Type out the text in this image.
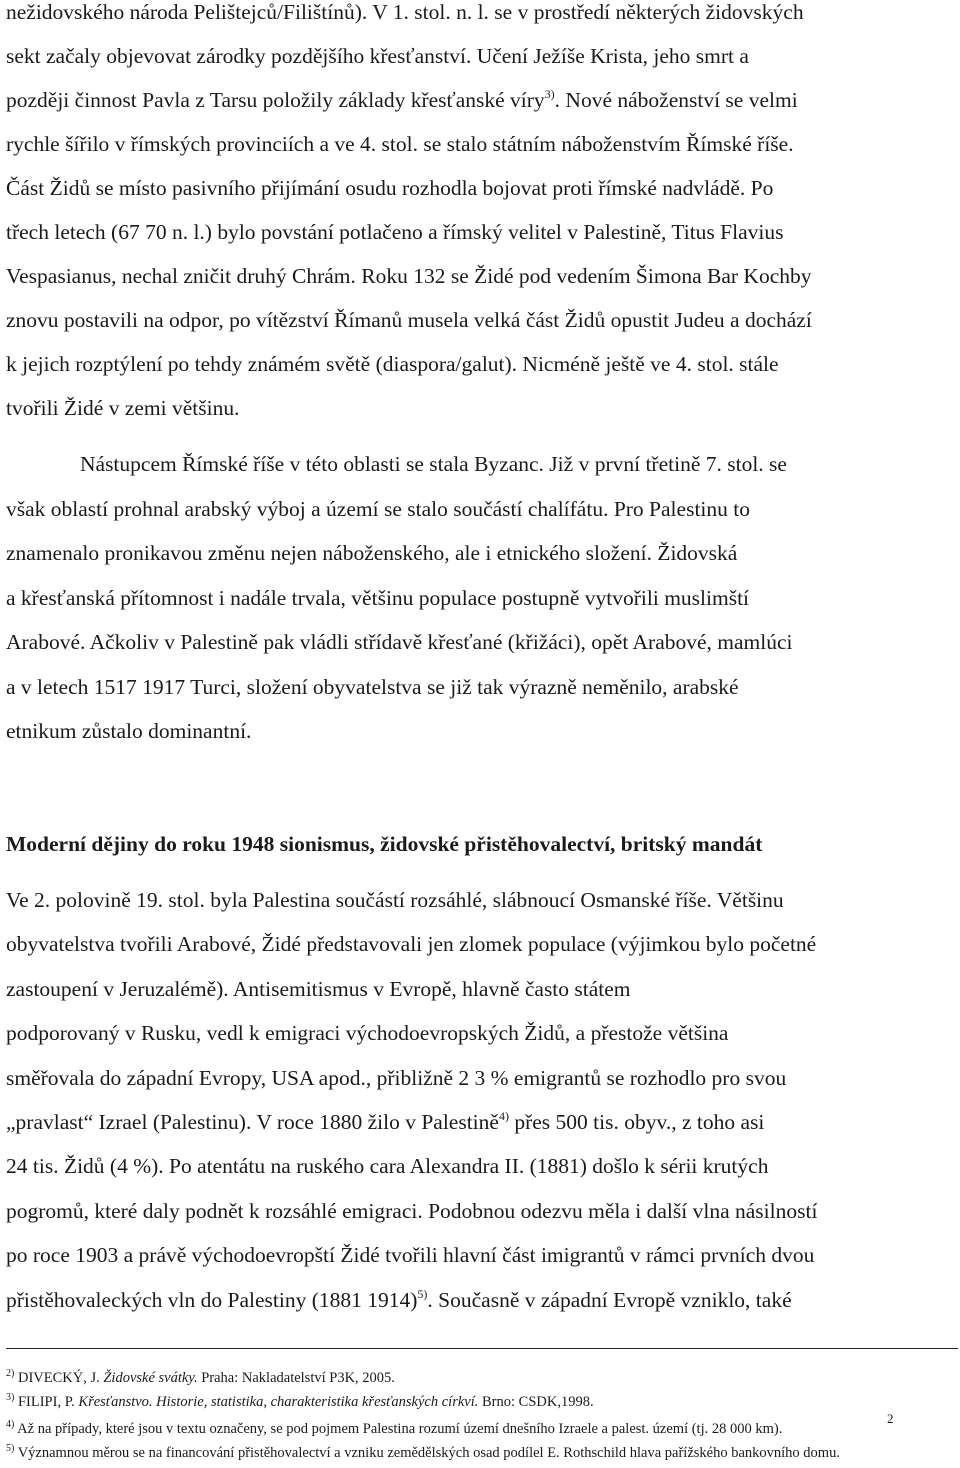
nežidovského národa Pelištejců/Filištínů). V 1. stol. n. l. se v prostředí některých židovských
sekt začaly objevovat zárodky pozdějšího křesťanství. Učení Ježíše Krista, jeho smrt a
později činnost Pavla z Tarsu položily základy křesťanské víry$^{3)}$. Nové náboženství se velmi
rychle šířilo v římských provinciích a ve 4. stol. se stalo státním náboženstvím Římské říše.
Část Židů se místo pasivního přijímání osudu rozhodla bojovat proti římské nadvládě. Po
třech letech (67 70 n. l.) bylo povstání potlačeno a římský velitel v Palestině, Titus Flavius
Vespasianus, nechal zničit druhý Chrám. Roku 132 se Židé pod vedením Šimona Bar Kochby
znovu postavili na odpor, po vítězství Římanů musela velká část Židů opustit Judeu a dochází
k jejich rozptýlení po tehdy známém světě (diaspora/galut). Nicméně ještě ve 4. stol. stále
tvořili Židé v zemi většinu.
Nástupcem Římské říše v této oblasti se stala Byzanc. Již v první třetině 7. stol. se
však oblastí prohnal arabský výboj a území se stalo součástí chalífátu. Pro Palestinu to
znamenalo pronikavou změnu nejen náboženského, ale i etnického složení. Židovská
a křesťanská přítomnost i nadále trvala, většinu populace postupně vytvořili muslimští
Arabové. Ačkoliv v Palestině pak vládli střídavě křesťané (křižáci), opět Arabové, mamlúci
a v letech 1517 1917 Turci, složení obyvatelstva se již tak výrazně neměnilo, arabské
etnikum zůstalo dominantní.
Moderní dějiny do roku 1948 sionismus, židovské přistěhovalectví, britský mandát
Ve 2. polovině 19. stol. byla Palestina součástí rozsáhlé, slábnoucí Osmanské říše. Většinu
obyvatelstva tvořili Arabové, Židé představovali jen zlomek populace (výjimkou bylo početné
zastoupení v Jeruzalémě). Antisemitismus v Evropě, hlavně často státem
podporovaný v Rusku, vedl k emigraci východoevropských Židů, a přestože většina
směřovala do západní Evropy, USA apod., přibližně 2 3 % emigrantů se rozhodlo pro svou
„pravlast“ Izrael (Palestinu). V roce 1880 žilo v Palestině$^{4)}$ přes 500 tis. obyv., z toho asi
24 tis. Židů (4 %). Po atentátu na ruského cara Alexandra II. (1881) došlo k sérii krutých
pogromů, které daly podnět k rozsáhlé emigraci. Podobnou odezvu měla i další vlna násilností
po roce 1903 a právě východoevropští Židé tvořili hlavní část imigrantů v rámci prvních dvou
přistěhovaleckých vln do Palestiny (1881 1914)$^{5)}$. Současně v západní Evropě vzniklo, také
$^{2)}$ DIVECKÝ, J. Židovské svátky. Praha: Nakladatelství P3K, 2005.
$^{3)}$ FILIPI, P. Křesťanstvo. Historie, statistika, charakteristika křesťanských církví. Brno: CSDK,1998.
2
$^{4)}$ Až na případy, které jsou v textu označeny, se pod pojmem Palestina rozumí území dnešního Izraele a palest. území (tj. 28 000 km).
$^{5)}$ Významnou měrou se na financování přistěhovalectví a vzniku zemědělských osad podílel E. Rothschild hlava pařížského bankovního domu.
